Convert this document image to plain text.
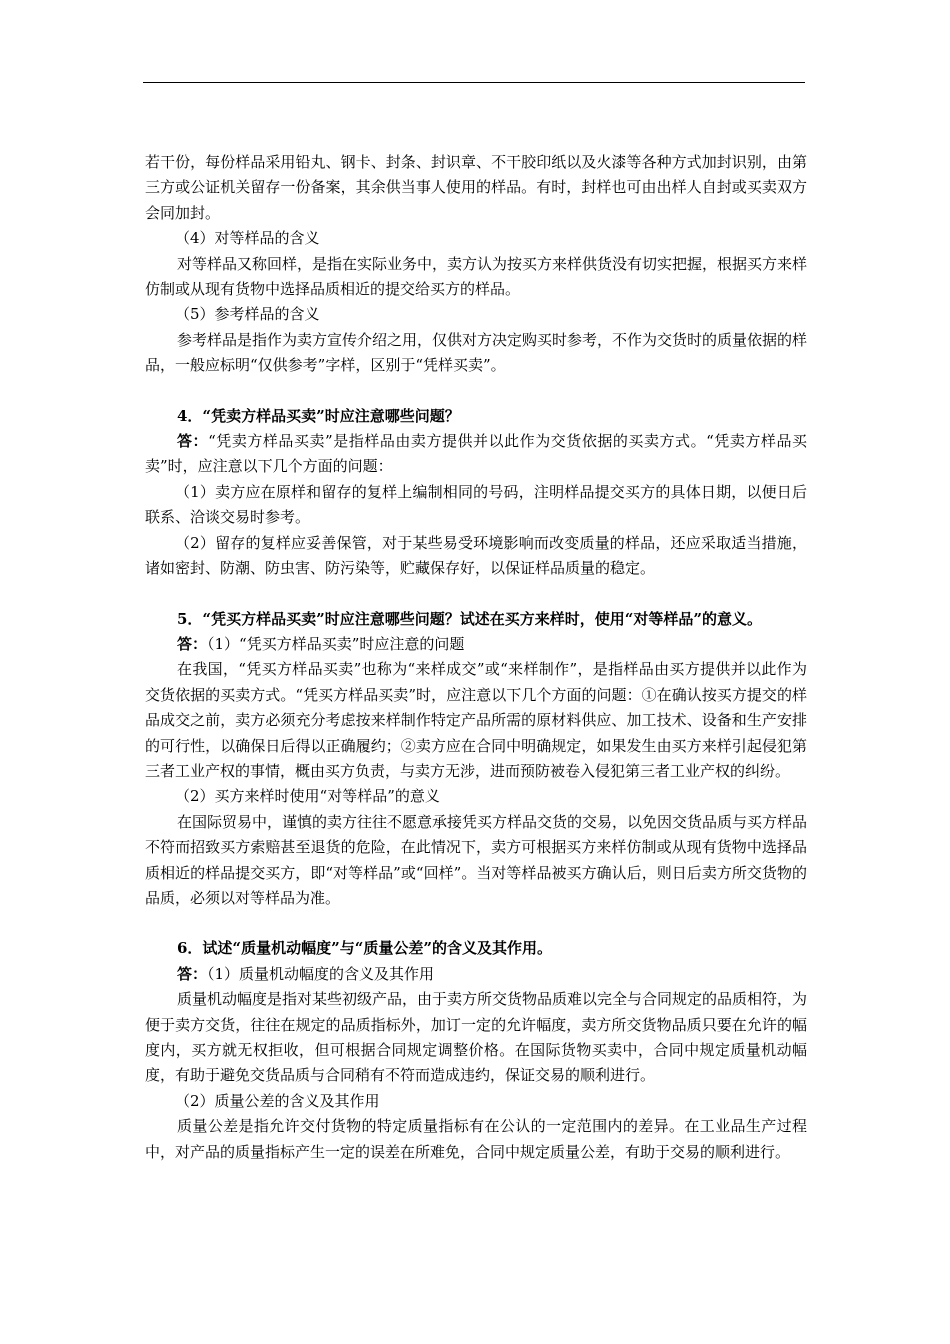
若干份，每份样品采用铅丸、钢卡、封条、封识章、不干胶印纸以及火漆等各种方式加封识别，由第三方或公证机关留存一份备案，其余供当事人使用的样品。有时，封样也可由出样人自封或买卖双方会同加封。

（4）对等样品的含义

对等样品又称回样，是指在实际业务中，卖方认为按买方来样供货没有切实把握，根据买方来样仿制或从现有货物中选择品质相近的提交给买方的样品。

（5）参考样品的含义

参考样品是指作为卖方宣传介绍之用，仅供对方决定购买时参考，不作为交货时的质量依据的样品，一般应标明“仅供参考”字样，区别于“凭样买卖”。

4．“凭卖方样品买卖”时应注意哪些问题？

答：“凭卖方样品买卖”是指样品由卖方提供并以此作为交货依据的买卖方式。“凭卖方样品买卖”时，应注意以下几个方面的问题：

（1）卖方应在原样和留存的复样上编制相同的号码，注明样品提交买方的具体日期，以便日后联系、洽谈交易时参考。

（2）留存的复样应妥善保管，对于某些易受环境影响而改变质量的样品，还应采取适当措施，诸如密封、防潮、防虫害、防污染等，贮藏保存好，以保证样品质量的稳定。

5．“凭买方样品买卖”时应注意哪些问题？试述在买方来样时，使用“对等样品”的意义。

答：（1）“凭买方样品买卖”时应注意的问题

在我国，“凭买方样品买卖”也称为“来样成交”或“来样制作”，是指样品由买方提供并以此作为交货依据的买卖方式。“凭买方样品买卖”时，应注意以下几个方面的问题：①在确认按买方提交的样品成交之前，卖方必须充分考虑按来样制作特定产品所需的原材料供应、加工技术、设备和生产安排的可行性，以确保日后得以正确履约；②卖方应在合同中明确规定，如果发生由买方来样引起侵犯第三者工业产权的事情，概由买方负责，与卖方无涉，进而预防被卷入侵犯第三者工业产权的纠纷。

（2）买方来样时使用“对等样品”的意义

在国际贸易中，谨慎的卖方往往不愿意承接凭买方样品交货的交易，以免因交货品质与买方样品不符而招致买方索赔甚至退货的危险，在此情况下，卖方可根据买方来样仿制或从现有货物中选择品质相近的样品提交买方，即“对等样品”或“回样”。当对等样品被买方确认后，则日后卖方所交货物的品质，必须以对等样品为准。

6．试述“质量机动幅度”与“质量公差”的含义及其作用。

答：（1）质量机动幅度的含义及其作用

质量机动幅度是指对某些初级产品，由于卖方所交货物品质难以完全与合同规定的品质相符，为便于卖方交货，往往在规定的品质指标外，加订一定的允许幅度，卖方所交货物品质只要在允许的幅度内，买方就无权拒收，但可根据合同规定调整价格。在国际货物买卖中，合同中规定质量机动幅度，有助于避免交货品质与合同稍有不符而造成违约，保证交易的顺利进行。

（2）质量公差的含义及其作用

质量公差是指允许交付货物的特定质量指标有在公认的一定范围内的差异。在工业品生产过程中，对产品的质量指标产生一定的误差在所难免，合同中规定质量公差，有助于交易的顺利进行。
